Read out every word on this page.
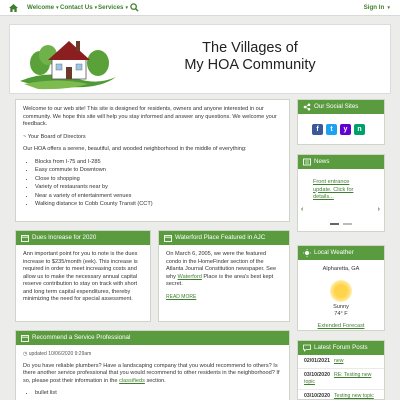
Welcome▼ Contact Us▼ Services▼	Sign In ▼
The Villages of
My HOA Community

Welcome to our web site! This site is designed for residents, owners and anyone interested in our community. We hope this site will help you stay informed and answer any questions. We welcome your feedback.

~ Your Board of Directors

Our HOA offers a serene, beautiful, and wooded neighborhood in the middle of everything:

• Blocks from I-75 and I-285
• Easy commute to Downtown
• Close to shopping
• Variety of restaurants near by
• Near a variety of entertainment venues
• Walking distance to Cobb County Transit (CCT)
Dues Increase for 2020

Ann important point for you to note is the dues increase to $235/month (eek). This increase is required in order to meet increasing costs and allow us to make the necessary annual capital reserve contribution to stay on track with short and long term capital expenditures, thereby minimizing the need for special assessment.

Waterford Place Featured in AJC

On March 6, 2005, we were the featured condo in the HomeFinder section of the Atlanta Journal Constitution newspaper. See why Waterford Place is the area's best kept secret.

READ MORE

Recommend a Service Professional

◷ updated 10/06/2020 9:29am

Do you have reliable plumbers? Have a landscaping company that you would recommend to others? Is there another service professional that you would recommend to other residents in the neighborhood? If so, please post their information in the classifieds section.

• bullet list
Our Social Sites
f	t	y	n
News
‹

Front entrance update. Click for details...

›
Local Weather
Alpharetta, GA
Sunny
74° F
Extended Forecast
Latest Forum Posts
02/01/2021 new
03/10/2020 RE: Testing new topic
03/10/2020 Testing new topic
